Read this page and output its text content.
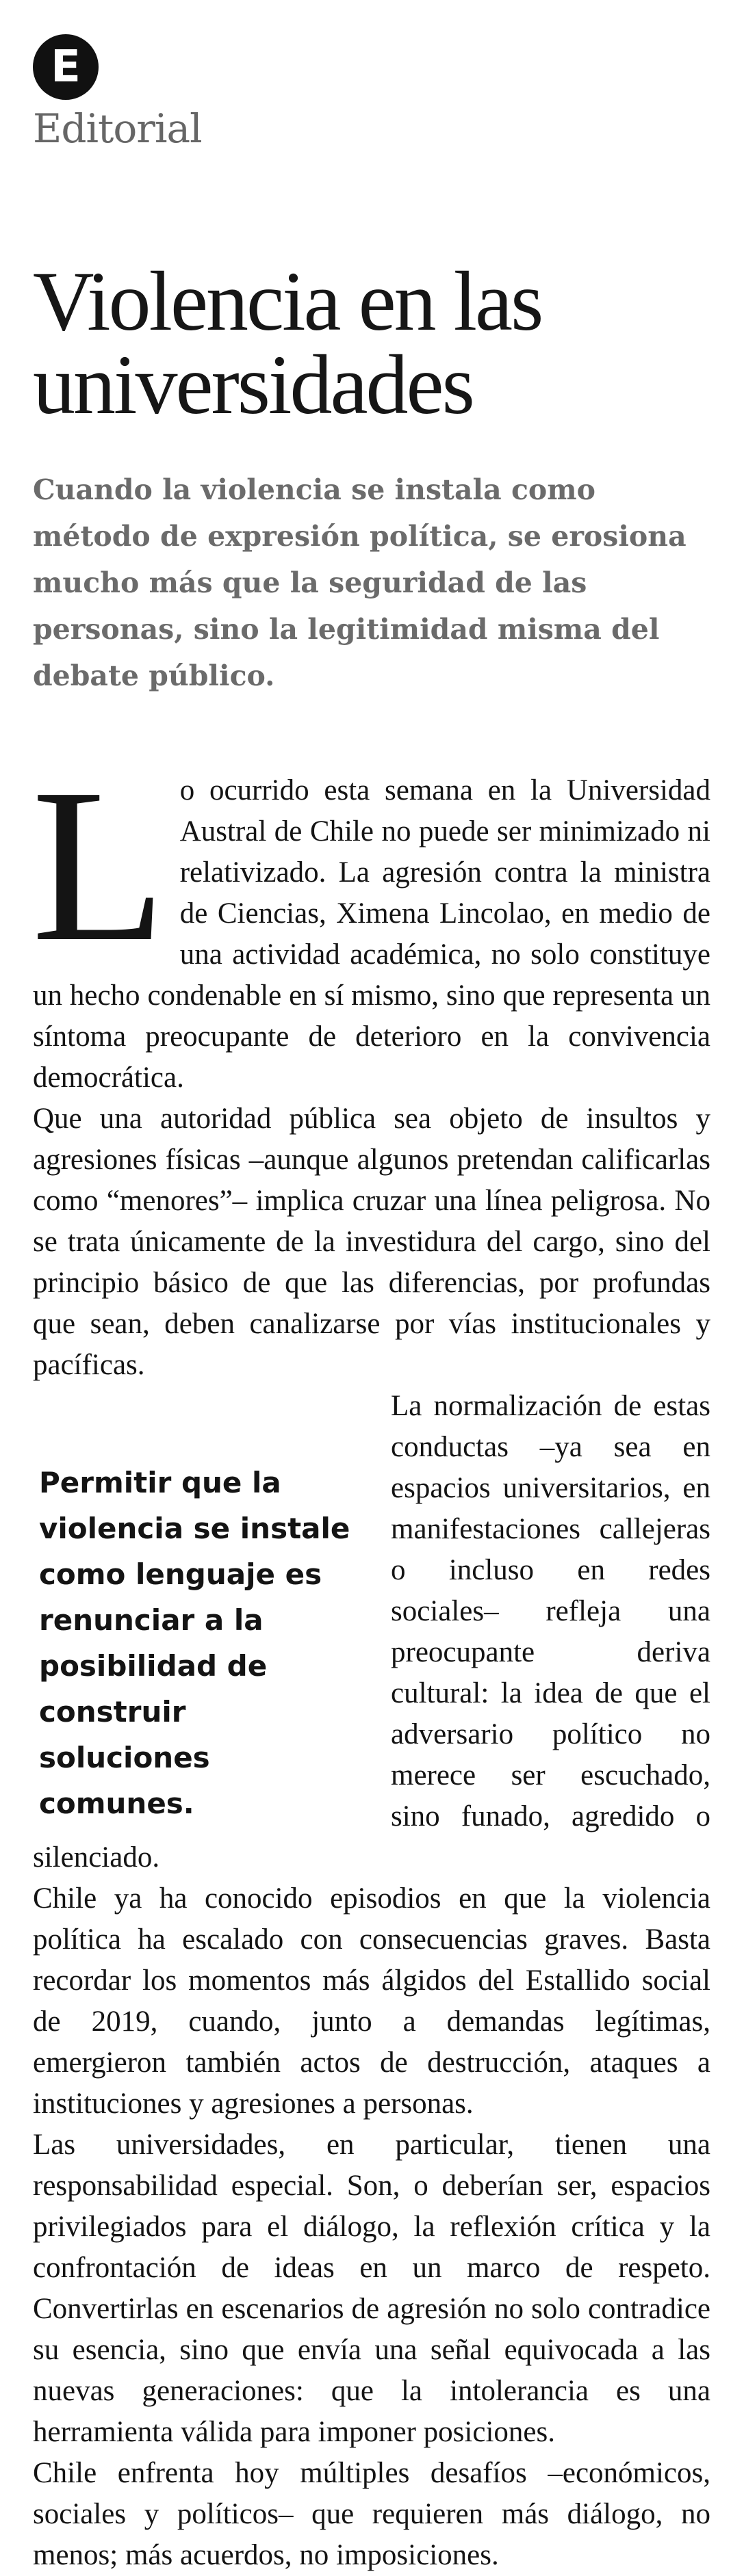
E
Editorial
Violencia en las universidades
Cuando la violencia se instala como método de expresión política, se erosiona mucho más que la seguridad de las personas, sino la legitimidad misma del debate público.

Lo ocurrido esta semana en la Universidad Austral de Chile no puede ser minimizado ni relativizado. La agresión contra la ministra de Ciencias, Ximena Lincolao, en medio de una actividad académica, no solo constituye un hecho condenable en sí mismo, sino que representa un síntoma preocupante de deterioro en la convivencia democrática.

Que una autoridad pública sea objeto de insultos y agresiones físicas –aunque algunos pretendan calificarlas como “menores”– implica cruzar una línea peligrosa. No se trata únicamente de la investidura del cargo, sino del principio básico de que las diferencias, por profundas que sean, deben canalizarse por vías institucionales y pacíficas.

Permitir que la violencia se instale como lenguaje es renunciar a la posibilidad de construir soluciones comunes.
La normalización de estas conductas –ya sea en espacios universitarios, en manifestaciones callejeras o incluso en redes sociales– refleja una preocupante deriva cultural: la idea de que el adversario político no merece ser escuchado, sino funado, agredido o silenciado.

Chile ya ha conocido episodios en que la violencia política ha escalado con consecuencias graves. Basta recordar los momentos más álgidos del Estallido social de 2019, cuando, junto a demandas legítimas, emergieron también actos de destrucción, ataques a instituciones y agresiones a personas.

Las universidades, en particular, tienen una responsabilidad especial. Son, o deberían ser, espacios privilegiados para el diálogo, la reflexión crítica y la confrontación de ideas en un marco de respeto. Convertirlas en escenarios de agresión no solo contradice su esencia, sino que envía una señal equivocada a las nuevas generaciones: que la intolerancia es una herramienta válida para imponer posiciones.

Chile enfrenta hoy múltiples desafíos –económicos, sociales y políticos– que requieren más diálogo, no menos; más acuerdos, no imposiciones.
